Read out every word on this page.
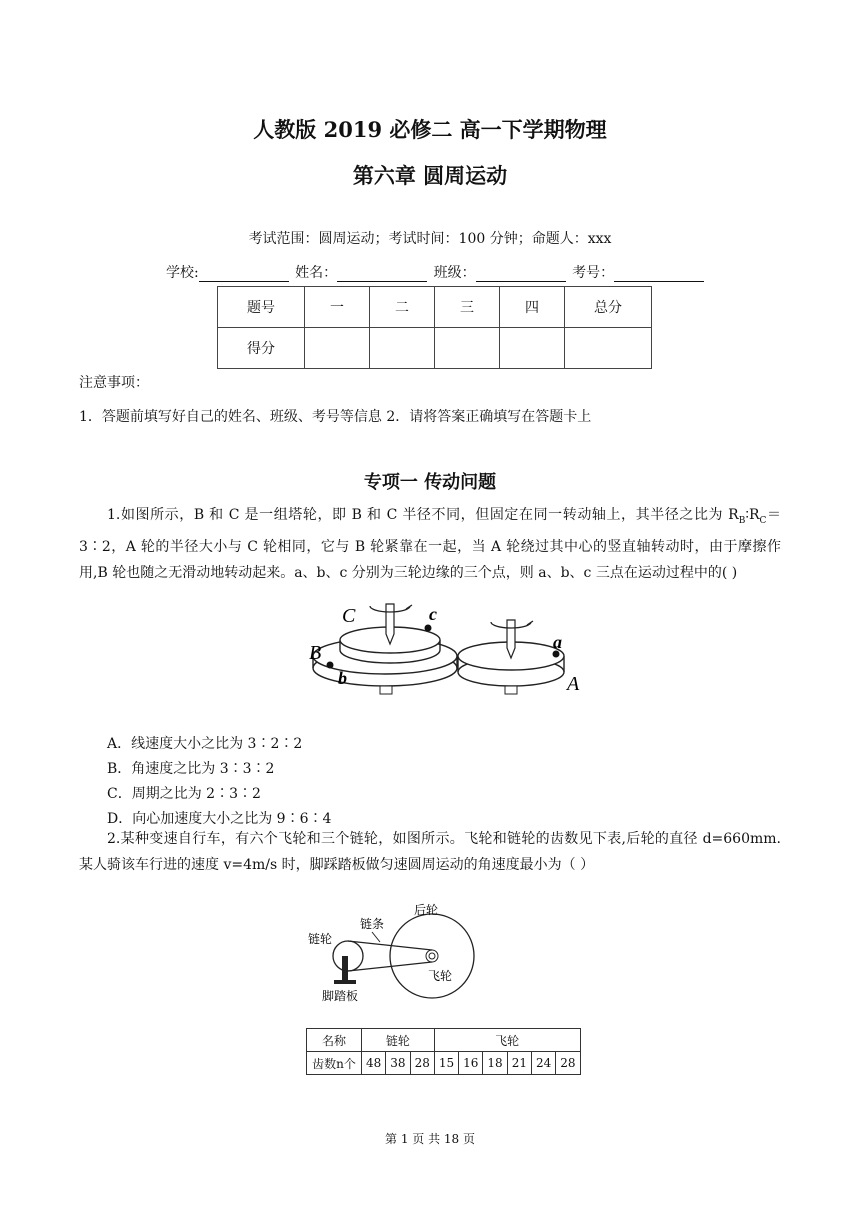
人教版 2019 必修二 高一下学期物理
第六章 圆周运动
考试范围：圆周运动；考试时间：100 分钟；命题人：xxx
学校:	姓名：	班级：	考号：
题号	一	二	三	四	总分
得分					
注意事项：
1．答题前填写好自己的姓名、班级、考号等信息 2．请将答案正确填写在答题卡上
专项一 传动问题
1.如图所示，B 和 C 是一组塔轮，即 B 和 C 半径不同，但固定在同一转动轴上，其半径之比为 $R_B∶R_C=3∶2$，A 轮的半径大小与 C 轮相同，它与 B 轮紧靠在一起，当 A 轮绕过其中心的竖直轴转动时，由于摩擦作用,B 轮也随之无滑动地转动起来。a、b、c 分别为三轮边缘的三个点，则 a、b、c 三点在运动过程中的( )
C	c
B
b
a
A
A．线速度大小之比为 3∶2∶2
B．角速度之比为 3∶3∶2
C．周期之比为 2∶3∶2
D．向心加速度大小之比为 9∶6∶4
2.某种变速自行车，有六个飞轮和三个链轮，如图所示。飞轮和链轮的齿数见下表,后轮的直径 d=660mm. 某人骑该车行进的速度 v=4m/s 时，脚踩踏板做匀速圆周运动的角速度最小为（ ）
后轮
链条
链轮
飞轮
脚踏板
名称	链轮			飞轮					
齿数n个	48	38	28	15	16	18	21	24	28
第 1 页 共 18 页
